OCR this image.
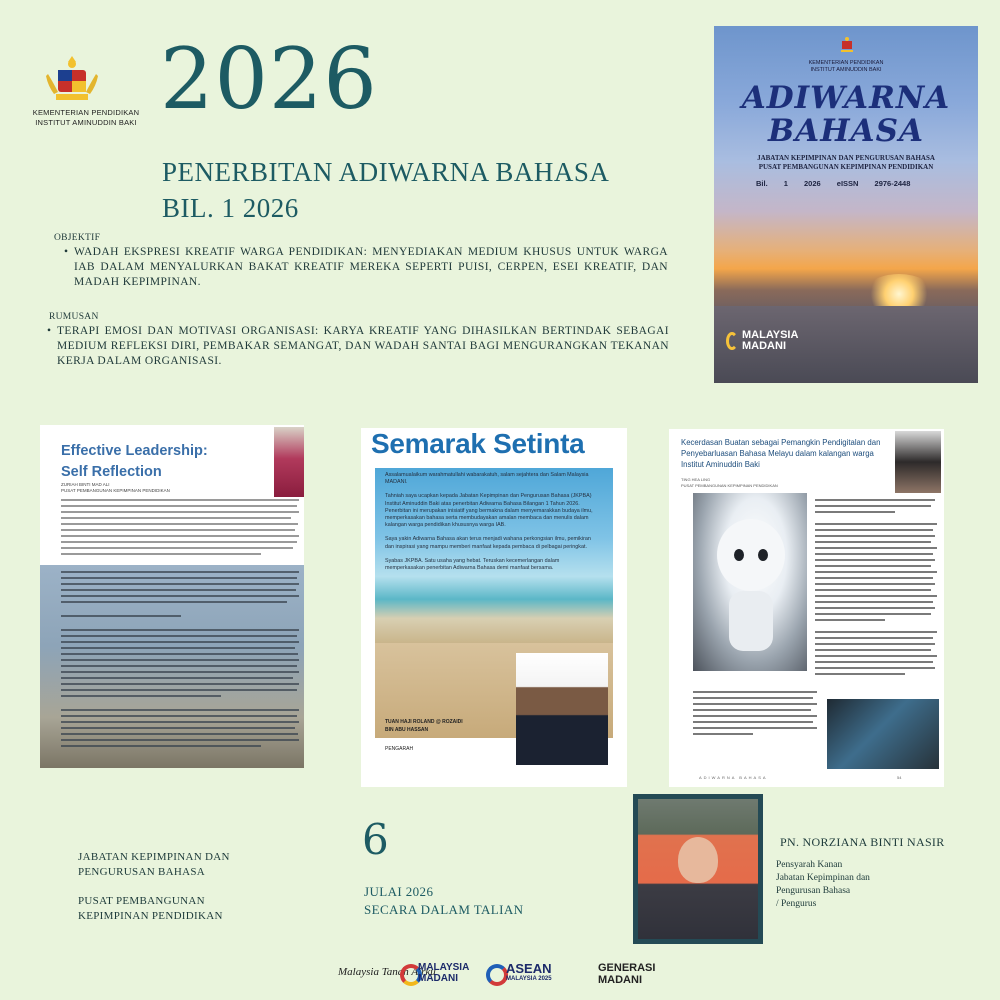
KEMENTERIAN PENDIDIKAN
INSTITUT AMINUDDIN BAKI 2026
PENERBITAN ADIWARNA BAHASA
BIL. 1 2026
OBJEKTIF
• WADAH EKSPRESI KREATIF WARGA PENDIDIKAN: MENYEDIAKAN MEDIUM KHUSUS UNTUK WARGA IAB DALAM MENYALURKAN BAKAT KREATIF MEREKA SEPERTI PUISI, CERPEN, ESEI KREATIF, DAN MADAH KEPIMPINAN.
RUMUSAN
• TERAPI EMOSI DAN MOTIVASI ORGANISASI: KARYA KREATIF YANG DIHASILKAN BERTINDAK SEBAGAI MEDIUM REFLEKSI DIRI, PEMBAKAR SEMANGAT, DAN WADAH SANTAI BAGI MENGURANGKAN TEKANAN KERJA DALAM ORGANISASI.
KEMENTERIAN PENDIDIKAN
INSTITUT AMINUDDIN BAKI
ADIWARNA
BAHASA
JABATAN KEPIMPINAN DAN PENGURUSAN BAHASA
PUSAT PEMBANGUNAN KEPIMPINAN PENDIDIKAN
Bil. 1 2026 eISSN 2976-2448
MALAYSIA
MADANI
Effective Leadership:
Self Reflection
ZURIAH BINTI MAD ALI
PUSAT PEMBANGUNAN KEPIMPINAN PENDIDIKAN
Semarak Setinta

Assalamualaikum warahmatullahi wabarakatuh, salam sejahtera dan Salam Malaysia MADANI.

Tahniah saya ucapkan kepada Jabatan Kepimpinan dan Pengurusan Bahasa (JKPBA) Institut Aminuddin Baki atas penerbitan Adiwarna Bahasa Bilangan 1 Tahun 2026. Penerbitan ini merupakan inisiatif yang bermakna dalam menyemarakkan budaya ilmu, memperkasakan bahasa serta membudayakan amalan membaca dan menulis dalam kalangan warga pendidikan khususnya warga IAB.

Saya yakin Adiwarna Bahasa akan terus menjadi wahana perkongsian ilmu, pemikiran dan inspirasi yang mampu memberi manfaat kepada pembaca di pelbagai peringkat.

Syabas JKPBA. Satu usaha yang hebat. Teruskan kecemerlangan dalam memperkasakan penerbitan Adiwarna Bahasa demi manfaat bersama.

TUAN HAJI ROLAND @ ROZAIDI
BIN ABU HASSAN
PENGARAH
Kecerdasan Buatan sebagai Pemangkin Pendigitalan dan Penyebarluasan Bahasa Melayu dalam kalangan warga Institut Aminuddin Baki
TING HEA LING
PUSAT PEMBANGUNAN KEPIMPINAN PENDIDIKAN
ADIWARNA BAHASA	54
JABATAN KEPIMPINAN DAN
PENGURUSAN BAHASA
PUSAT PEMBANGUNAN
KEPIMPINAN PENDIDIKAN
6
JULAI 2026
SECARA DALAM TALIAN
PN. NORZIANA BINTI NASIR
Pensyarah Kanan
Jabatan Kepimpinan dan
Pengurusan Bahasa
/ Pengurus
Malaysia Tanah Airku
MALAYSIA
MADANI
ASEAN
MALAYSIA 2025
GENERASI
MADANI
